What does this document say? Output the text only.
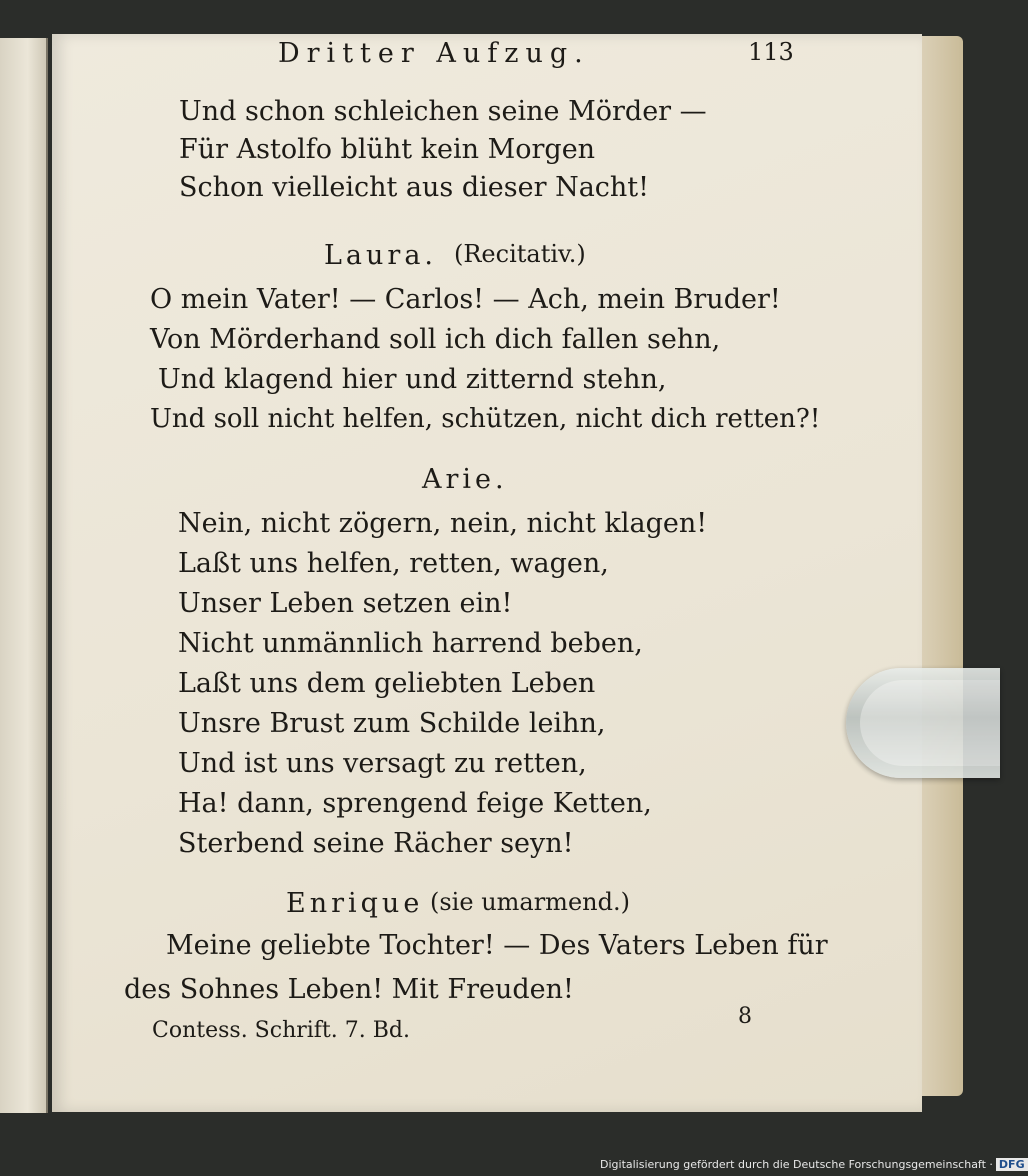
Dritter Aufzug.	113
Und schon schleichen seine Mörder —
Für Astolfo blüht kein Morgen
Schon vielleicht aus dieser Nacht!
Laura. (Recitativ.)
O mein Vater! — Carlos! — Ach, mein Bruder!
Von Mörderhand soll ich dich fallen sehn,
Und klagend hier und zitternd stehn,
Und soll nicht helfen, schützen, nicht dich retten?!
Arie.
Nein, nicht zögern, nein, nicht klagen!
Laßt uns helfen, retten, wagen,
Unser Leben setzen ein!
Nicht unmännlich harrend beben,
Laßt uns dem geliebten Leben
Unsre Brust zum Schilde leihn,
Und ist uns versagt zu retten,
Ha! dann, sprengend feige Ketten,
Sterbend seine Rächer seyn!
Enrique (sie umarmend.)
Meine geliebte Tochter! — Des Vaters Leben für
des Sohnes Leben! Mit Freuden!
Contess. Schrift. 7. Bd.
8
Digitalisierung gefördert durch die Deutsche Forschungsgemeinschaft · DFG
